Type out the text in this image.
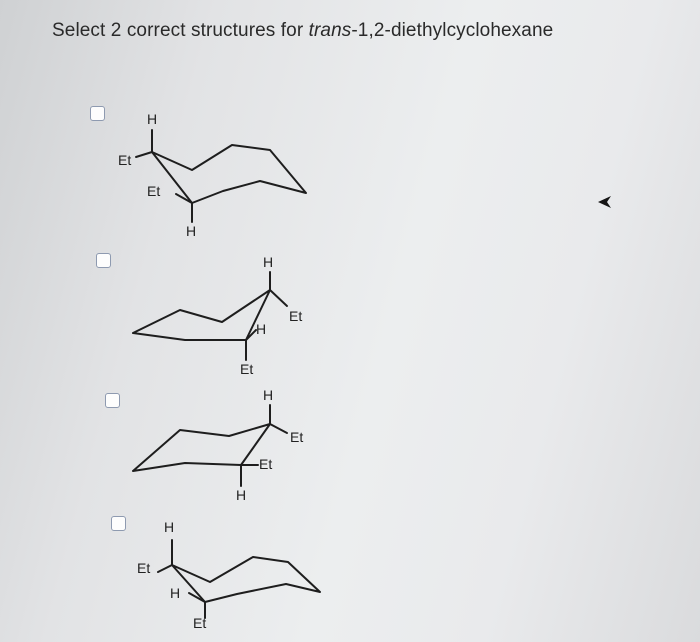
Select 2 correct structures for trans-1,2-diethylcyclohexane
H
Et
Et
H
H
Et
H
Et
H
Et
Et
H
H
Et
H
Et
